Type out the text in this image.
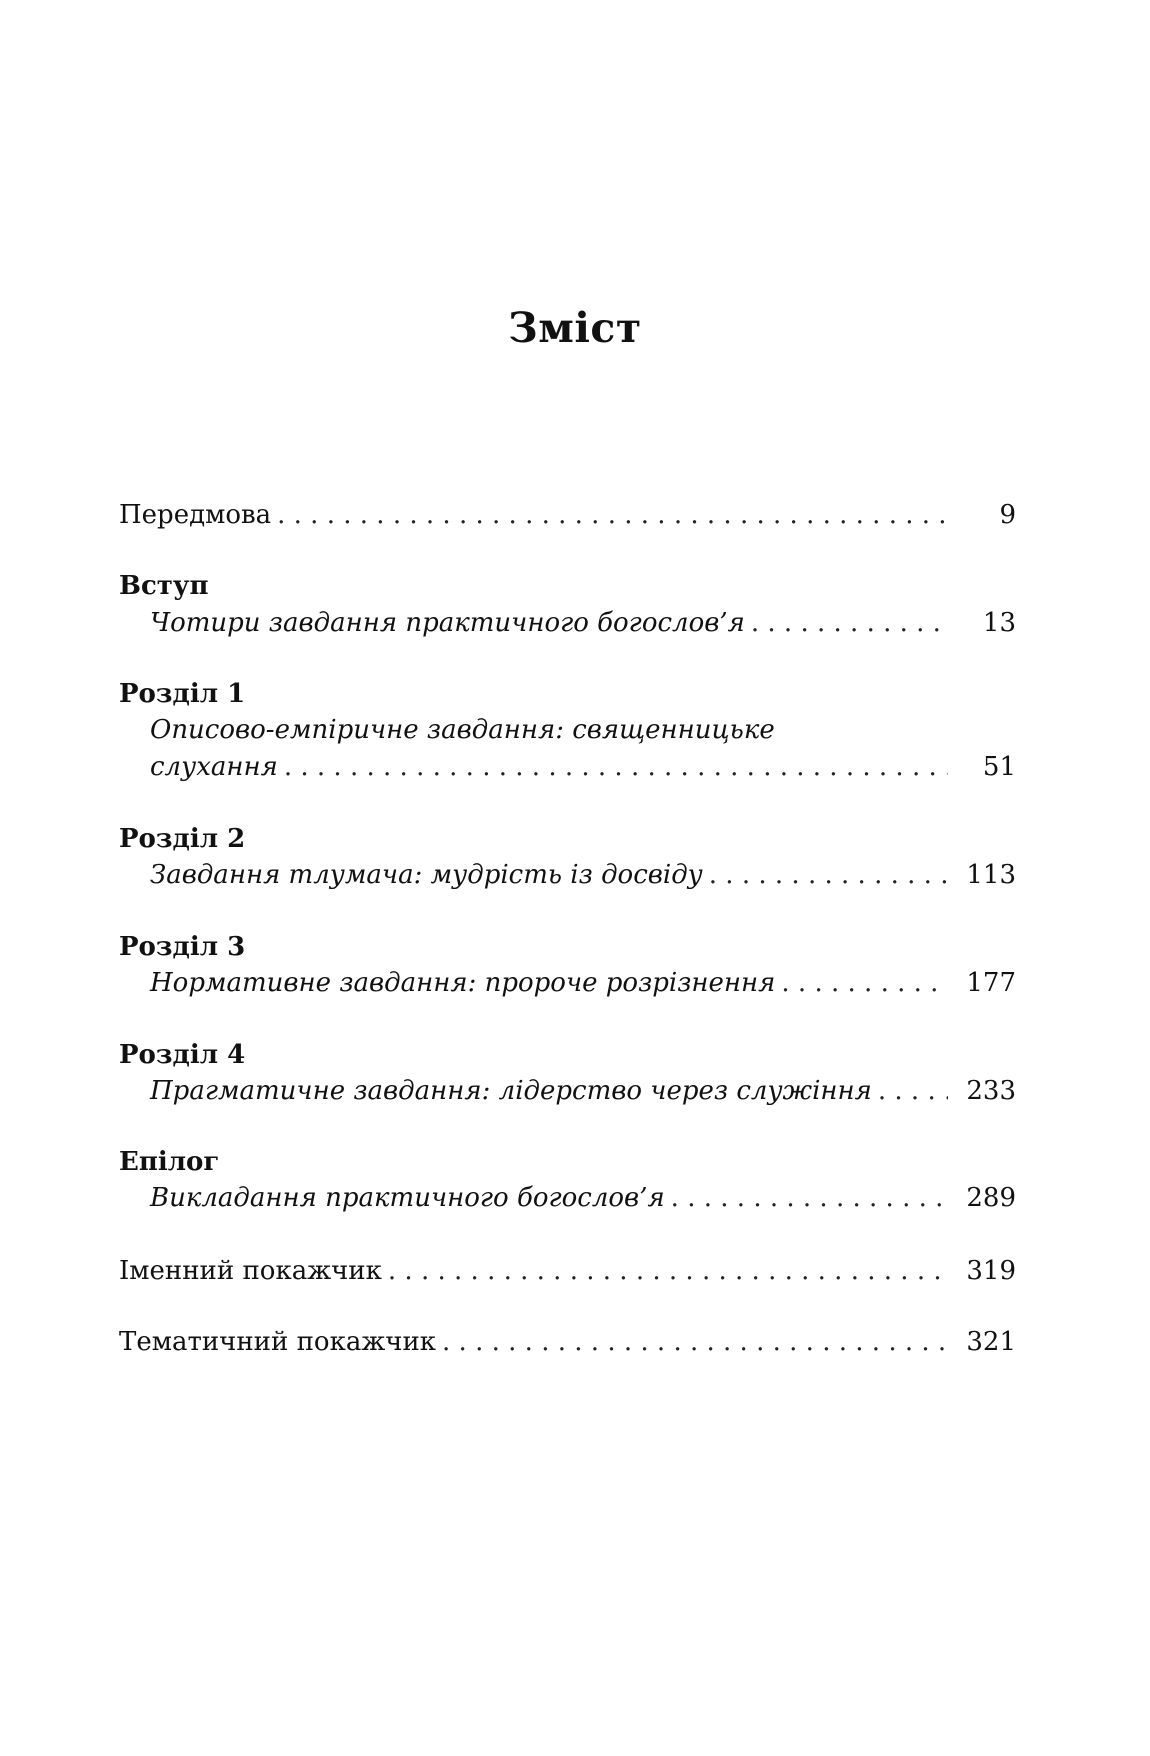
Зміст
Передмова . . .	9
Вступ
Чотири завдання практичного богослов’я . . .	13
Розділ 1
Описово-емпіричне завдання: священницьке
слухання . . .	51
Розділ 2
Завдання тлумача: мудрість із досвіду . . .	113
Розділ 3
Нормативне завдання: пророче розрізнення . . .	177
Розділ 4
Прагматичне завдання: лідерство через служіння . . .	233
Епілог
Викладання практичного богослов’я . . .	289
Іменний покажчик . . .	319
Тематичний покажчик . . .	321
